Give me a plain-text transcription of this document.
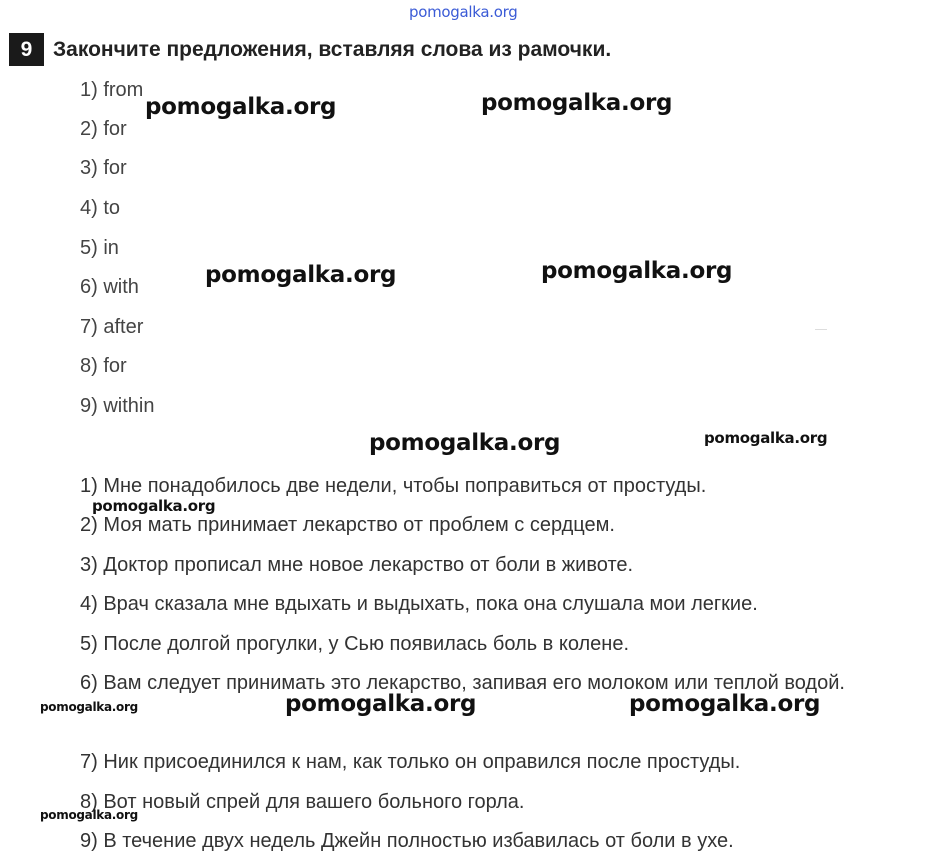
pomogalka.org
9 Закончите предложения, вставляя слова из рамочки.
1) from
2) for
3) for
4) to
5) in
6) with
7) after
8) for
9) within
1) Мне понадобилось две недели, чтобы поправиться от простуды.
2) Моя мать принимает лекарство от проблем с сердцем.
3) Доктор прописал мне новое лекарство от боли в животе.
4) Врач сказала мне вдыхать и выдыхать, пока она слушала мои легкие.
5) После долгой прогулки, у Сью появилась боль в колене.
6) Вам следует принимать это лекарство, запивая его молоком или теплой водой.
7) Ник присоединился к нам, как только он оправился после простуды.
8) Вот новый спрей для вашего больного горла.
9) В течение двух недель Джейн полностью избавилась от боли в ухе.
pomogalka.org	pomogalka.org
pomogalka.org	pomogalka.org
pomogalka.org	pomogalka.org
pomogalka.org
pomogalka.org	pomogalka.org
pomogalka.org
pomogalka.org
